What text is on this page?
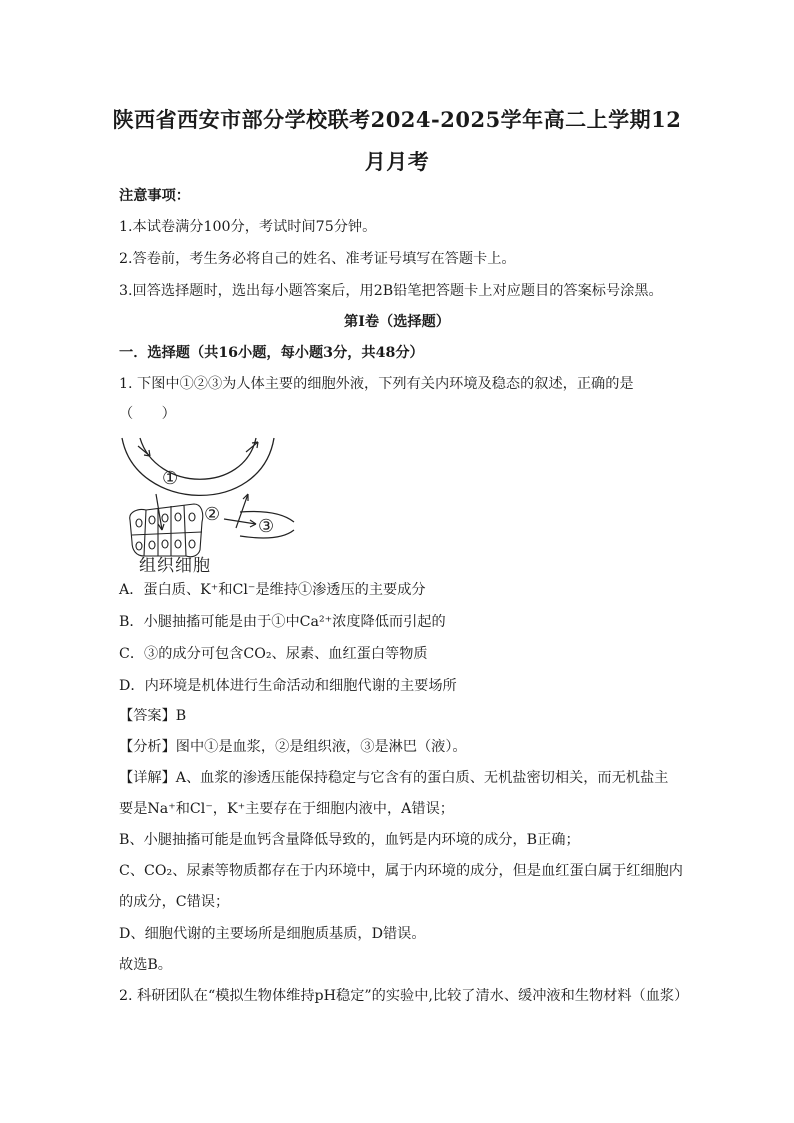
陕西省西安市部分学校联考2024-2025学年高二上学期12
月月考
注意事项：
1.本试卷满分100分，考试时间75分钟。
2.答卷前，考生务必将自己的姓名、准考证号填写在答题卡上。
3.回答选择题时，选出每小题答案后，用2B铅笔把答题卡上对应题目的答案标号涂黑。
第Ⅰ卷（选择题）
一．选择题（共16小题，每小题3分，共48分）
1. 下图中①②③为人体主要的细胞外液，下列有关内环境及稳态的叙述，正确的是
（　　）
①
②
③
组织细胞
A．蛋白质、K⁺和Cl⁻是维持①渗透压的主要成分
B．小腿抽搐可能是由于①中Ca²⁺浓度降低而引起的
C．③的成分可包含CO₂、尿素、血红蛋白等物质
D．内环境是机体进行生命活动和细胞代谢的主要场所
【答案】B
【分析】图中①是血浆，②是组织液，③是淋巴（液）。
【详解】A、血浆的渗透压能保持稳定与它含有的蛋白质、无机盐密切相关，而无机盐主
要是Na⁺和Cl⁻，K⁺主要存在于细胞内液中，A错误；
B、小腿抽搐可能是血钙含量降低导致的，血钙是内环境的成分，B正确；
C、CO₂、尿素等物质都存在于内环境中，属于内环境的成分，但是血红蛋白属于红细胞内
的成分，C错误；
D、细胞代谢的主要场所是细胞质基质，D错误。
故选B。
2. 科研团队在“模拟生物体维持pH稳定”的实验中,比较了清水、缓冲液和生物材料（血浆）
